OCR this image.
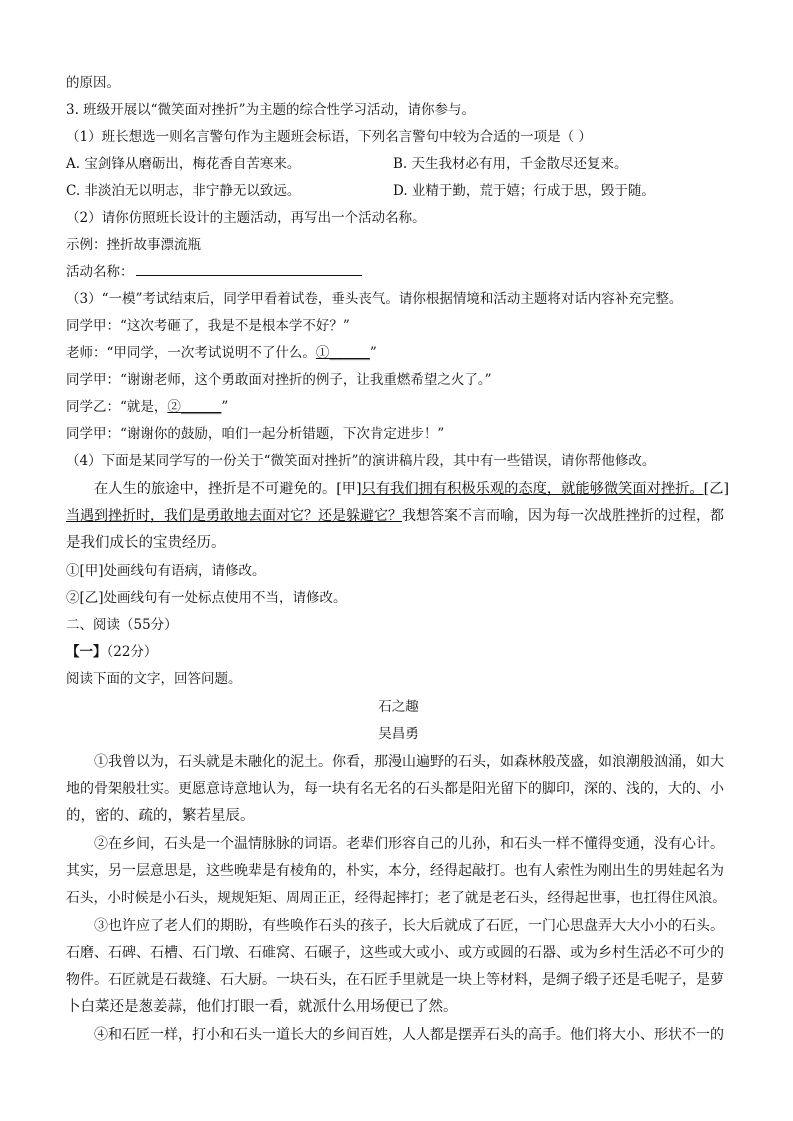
的原因。
3. 班级开展以“微笑面对挫折”为主题的综合性学习活动，请你参与。
（1）班长想选一则名言警句作为主题班会标语，下列名言警句中较为合适的一项是（ ）
A. 宝剑锋从磨砺出，梅花香自苦寒来。	B. 天生我材必有用，千金散尽还复来。
C. 非淡泊无以明志，非宁静无以致远。	D. 业精于勤，荒于嬉；行成于思，毁于随。
（2）请你仿照班长设计的主题活动，再写出一个活动名称。
示例：挫折故事漂流瓶
活动名称：
（3）“一模”考试结束后，同学甲看着试卷，垂头丧气。请你根据情境和活动主题将对话内容补充完整。
同学甲：“这次考砸了，我是不是根本学不好？”
老师：“甲同学，一次考试说明不了什么。①______”
同学甲：“谢谢老师，这个勇敢面对挫折的例子，让我重燃希望之火了。”
同学乙：“就是，②______”
同学甲：“谢谢你的鼓励，咱们一起分析错题，下次肯定进步！”
（4）下面是某同学写的一份关于“微笑面对挫折”的演讲稿片段，其中有一些错误，请你帮他修改。
在人生的旅途中，挫折是不可避免的。[甲]只有我们拥有积极乐观的态度，就能够微笑面对挫折。[乙]
当遇到挫折时，我们是勇敢地去面对它？还是躲避它？我想答案不言而喻，因为每一次战胜挫折的过程，都
是我们成长的宝贵经历。
①[甲]处画线句有语病，请修改。
②[乙]处画线句有一处标点使用不当，请修改。
二、阅读（55分）
【一】（22分）
阅读下面的文字，回答问题。
石之趣
吴昌勇
①我曾以为，石头就是未融化的泥土。你看，那漫山遍野的石头，如森林般茂盛，如浪潮般汹涌，如大
地的骨架般壮实。更愿意诗意地认为，每一块有名无名的石头都是阳光留下的脚印，深的、浅的，大的、小
的，密的、疏的，繁若星辰。
②在乡间，石头是一个温情脉脉的词语。老辈们形容自己的儿孙，和石头一样不懂得变通，没有心计。
其实，另一层意思是，这些晚辈是有棱角的，朴实，本分，经得起敲打。也有人索性为刚出生的男娃起名为
石头，小时候是小石头，规规矩矩、周周正正，经得起摔打；老了就是老石头，经得起世事，也扛得住风浪。
③也许应了老人们的期盼，有些唤作石头的孩子，长大后就成了石匠，一门心思盘弄大大小小的石头。
石磨、石碑、石槽、石门墩、石碓窝、石碾子，这些或大或小、或方或圆的石器、或为乡村生活必不可少的
物件。石匠就是石裁缝、石大厨。一块石头，在石匠手里就是一块上等材料，是绸子缎子还是毛呢子，是萝
卜白菜还是葱姜蒜，他们打眼一看，就派什么用场便已了然。
④和石匠一样，打小和石头一道长大的乡间百姓，人人都是摆弄石头的高手。他们将大小、形状不一的
